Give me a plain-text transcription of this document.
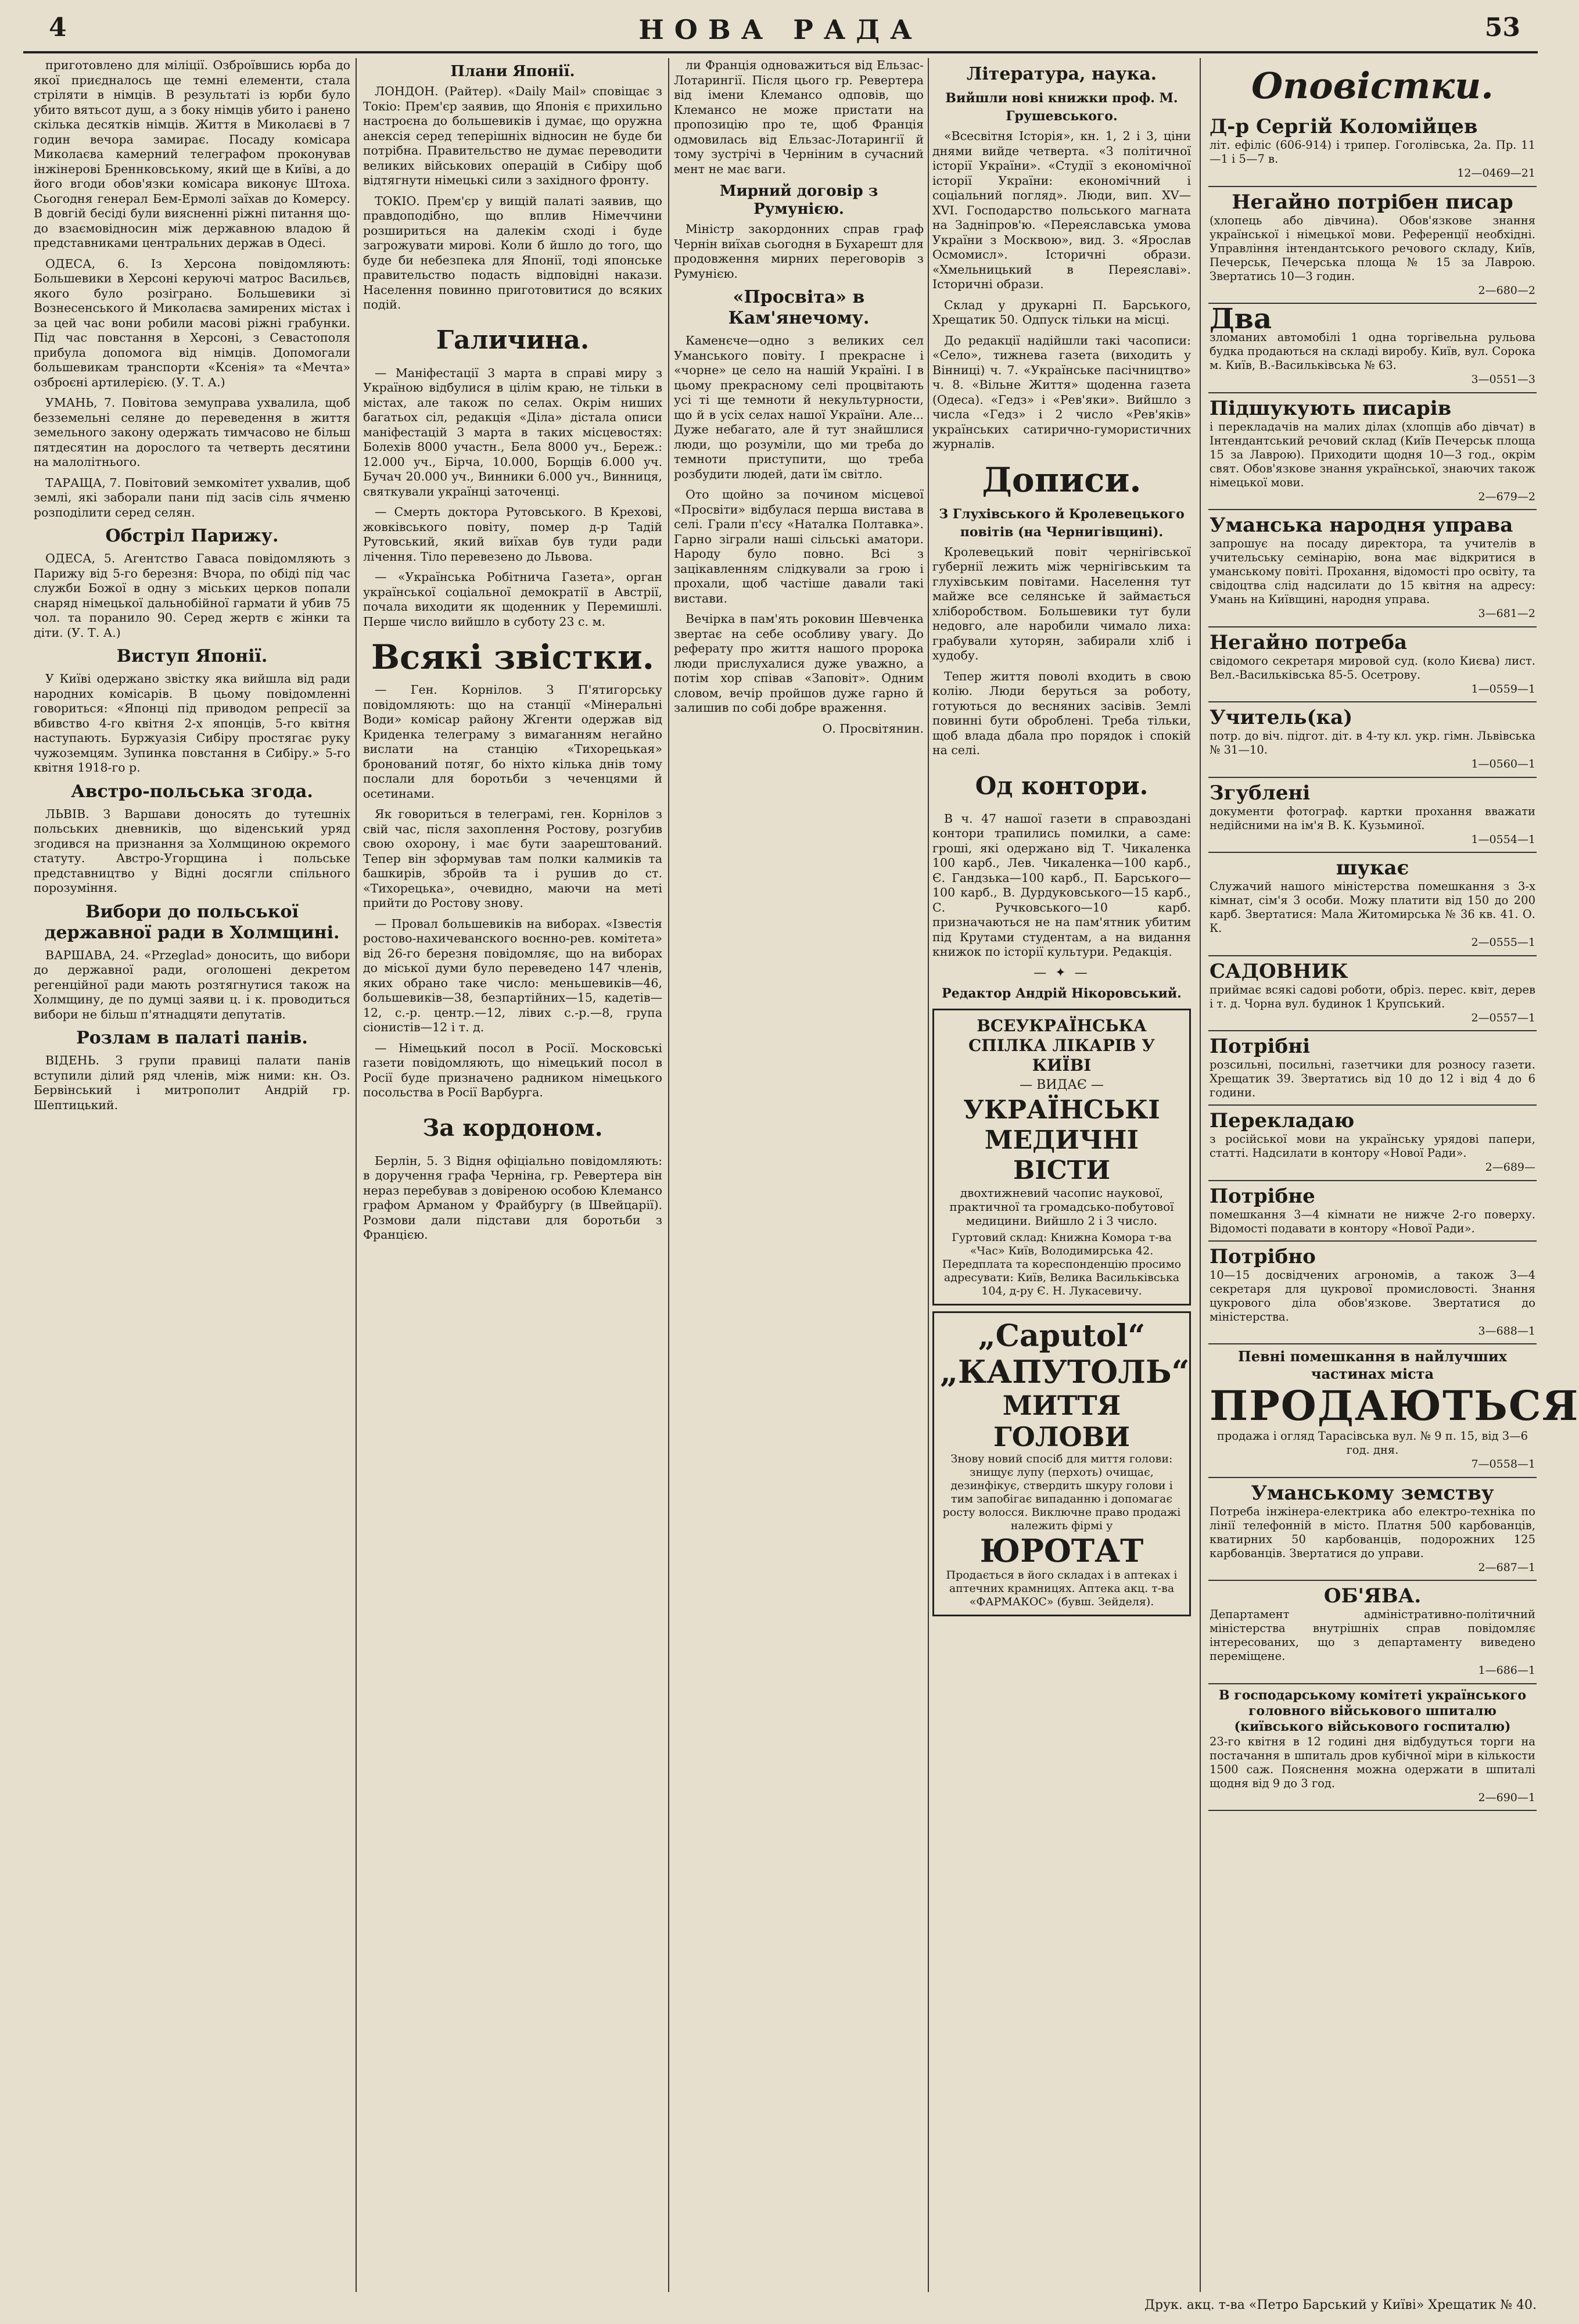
4	НОВА РАДА	53

приготовлено для міліції. Озброївшись юрба до якої приєдналось ще темні елементи, стала стріляти в німців. В результаті із юрби було убито вятьсот душ, а з боку німців убито і ранено скілька десятків німців. Життя в Миколаєві в 7 годин вечора замирає. Посаду комісара Миколаєва камерний телеграфом проконував інжінерові Бреннковському, який ще в Київі, а до його вгоди обов'язки комісара виконує Штоха. Сьогодня генерал Бем-Ермолі заїхав до Комерсу. В довгій бесіді були виясненні ріжні питання що-до взаємовідносин між державною владою й представниками центральних держав в Одесі.

ОДЕСА, 6. Із Херсона повідомляють: Большевики в Херсоні керуючі матрос Васильєв, якого було розіграно. Большевики зі Вознесенського й Миколаєва замирених містах і за цей час вони робили масові ріжні грабунки. Під час повстання в Херсоні, з Севастополя прибула допомога від німців. Допомогали большевикам транспорти «Ксенія» та «Мечта» озброєні артилерією. (У. Т. А.)

УМАНЬ, 7. Повітова земуправа ухвалила, щоб безземельні селяне до переведення в життя земельного закону одержать тимчасово не більш пятдесятин на дорослого та четверть десятини на малолітнього.

ТАРАЩА, 7. Повітовий земкомітет ухвалив, щоб землі, які заборали пани під засів сіль ячменю розподілити серед селян.

Обстріл Парижу.

ОДЕСА, 5. Агентство Гаваса повідомляють з Парижу від 5-го березня: Вчора, по обіді під час служби Божої в одну з міських церков попали снаряд німецької дальнобійної гармати й убив 75 чол. та поранило 90. Серед жертв є жінки та діти. (У. Т. А.)

Виступ Японії.

У Київі одержано звістку яка вийшла від ради народних комісарів. В цьому повідомленні говориться: «Японці під приводом репресії за вбивство 4-го квітня 2-х японців, 5-го квітня наступають. Буржуазія Сибіру простягає руку чужоземцям. Зупинка повстання в Сибіру.» 5-го квітня 1918-го р.

Австро-польська згода.

ЛЬВІВ. З Варшави доносять до тутешніх польських дневників, що віденський уряд згодився на признання за Холмщиною окремого статуту. Австро-Угорщина і польське представництво у Відні досягли спільного порозуміння.

Вибори до польської державної ради в Холмщині.

ВАРШАВА, 24. «Przeglad» доносить, що вибори до державної ради, оголошені декретом регенційної ради мають розтягнутися також на Холмщину, де по думці заяви ц. і к. проводиться вибори не більш п'ятнадцяти депутатів.

Розлам в палаті панів.

ВІДЕНЬ. З групи правиці палати панів вступили ділий ряд членів, між ними: кн. Оз. Бервінський і митрополит Андрій гр. Шептицький.

Плани Японії.

ЛОНДОН. (Райтер). «Daily Mail» сповіщає з Токіо: Прем'єр заявив, що Японія є прихильно настроєна до большевиків і думає, що оружна анексія серед теперішніх відносин не буде би потрібна. Правительство не думає переводити великих військових операцій в Сибіру щоб відтягнути німецькі сили з західного фронту.

ТОКІО. Прем'єр у вищій палаті заявив, що правдоподібно, що вплив Німеччини розшириться на далекім сході і буде загрожувати мирові. Коли б йшло до того, що буде би небезпека для Японії, тоді японське правительство подасть відповідні накази. Населення повинно приготовитися до всяких подій.

Галичина.

— Маніфестації 3 марта в справі миру з Україною відбулися в цілім краю, не тільки в містах, але також по селах. Окрім ниших багатьох сіл, редакція «Діла» дістала описи маніфестацій 3 марта в таких місцевостях: Болехів 8000 участн., Бела 8000 уч., Береж.: 12.000 уч., Бірча, 10.000, Борщів 6.000 уч. Бучач 20.000 уч., Винники 6.000 уч., Винниця, святкували українці заточенці.

— Смерть доктора Рутовського. В Крехові, жовківського повіту, помер д-р Тадій Рутовський, який виїхав був туди ради лічення. Тіло перевезено до Львова.

— «Українська Робітнича Газета», орган української соціальної демократії в Австрії, почала виходити як щоденник у Перемишлі. Перше число вийшло в суботу 23 с. м.

Всякі звістки.

— Ген. Корнілов. З П'ятигорську повідомляють: що на станції «Мінеральні Води» комісар району Жгенти одержав від Криденка телеграму з вимаганням негайно вислати на станцію «Тихорецькая» бронований потяг, бо ніхто кілька днів тому послали для боротьби з чеченцями й осетинами.

Як говориться в телеграмі, ген. Корнілов з свій час, після захоплення Ростову, розгубив свою охорону, і має бути заарештований. Тепер він зформував там полки калмиків та башкирів, збройв та і рушив до ст. «Тихорецька», очевидно, маючи на меті прийти до Ростову знову.

— Провал большевиків на виборах. «Ізвестія ростово-нахичеванского воєнно-рев. комітета» від 26-го березня повідомляє, що на виборах до міської думи було переведено 147 членів, яких обрано таке число: меньшевиків—46, большевиків—38, безпартійних—15, кадетів—12, с.-р. центр.—12, лівих с.-р.—8, група сіонистів—12 і т. д.

— Німецький посол в Росії. Московські газети повідомляють, що німецький посол в Росії буде призначено радником німецького посольства в Росії Варбурга.

За кордоном.

Берлін, 5. З Відня офіціально повідомляють: в доручення графа Черніна, гр. Ревертера він нераз перебував з довіреною особою Клемансо графом Арманом у Фрайбургу (в Швейцарії). Розмови дали підстави для боротьби з Францією.

ли Франція одноважиться від Ельзас-Лотарингії. Після цього гр. Ревертера від імени Клемансо одповів, що Клемансо не може пристати на пропозицію про те, щоб Франція одмовилась від Ельзас-Лотарингії й тому зустрічі в Черніним в сучасний мент не має ваги.

Мирний договір з Румунією.

Міністр закордонних справ граф Чернін виїхав сьогодня в Бухарешт для продовження мирних переговорів з Румунією.

«Просвіта» в Кам'янечому.

Каменєче—одно з великих сел Уманського повіту. І прекрасне і «чорне» це село на нашій Україні. І в цьому прекрасному селі процвітають усі ті ще темноти й некультурности, що й в усіх селах нашої України. Але... Дуже небагато, але й тут знайшлися люди, що розуміли, що ми треба до темноти приступити, що треба розбудити людей, дати їм світло.

Ото щойно за почином місцевої «Просвіти» відбулася перша вистава в селі. Грали п'єсу «Наталка Полтавка». Гарно зіграли наші сільські аматори. Народу було повно. Всі з зацікавленням слідкували за грою і прохали, щоб частіше давали такі вистави.

Вечірка в пам'ять роковин Шевченка звертає на себе особливу увагу. До реферату про життя нашого пророка люди прислухалися дуже уважно, а потім хор співав «Заповіт». Одним словом, вечір пройшов дуже гарно й залишив по собі добре враження.

О. Просвітянин.

Література, наука.
Вийшли нові книжки проф. М. Грушевського.

«Всесвітня Історія», кн. 1, 2 і 3, ціни днями вийде четверта. «З політичної історії України». «Студії з економічної історії України: економічний і соціальний погляд». Люди, вип. XV—XVI. Господарство польського магната на Задніпров'ю. «Переяславська умова України з Москвою», вид. 3. «Ярослав Осмомисл». Історичні образи. «Хмельницький в Переяславі». Історичні образи.

Склад у друкарні П. Барського, Хрещатик 50. Одпуск тільки на місці.

До редакції надійшли такі часописи: «Село», тижнева газета (виходить у Вінниці) ч. 7. «Українське пасічництво» ч. 8. «Вільне Життя» щоденна газета (Одеса). «Гедз» і «Рев'яки». Вийшло з числа «Гедз» і 2 число «Рев'яків» українських сатирично-гумористичних журналів.

Дописи.
З Глухівського й Кролевецького повітів (на Чернигівщині).

Кролевецький повіт чернігівської губернії лежить між чернігівським та глухівським повітами. Населення тут майже все селянське й займається хліборобством. Большевики тут були недовго, але наробили чимало лиха: грабували хуторян, забирали хліб і худобу.

Тепер життя поволі входить в свою колію. Люди беруться за роботу, готуються до весняних засівів. Землі повинні бути оброблені. Треба тільки, щоб влада дбала про порядок і спокій на селі.

Од контори.

В ч. 47 нашої газети в справоздані контори трапились помилки, а саме: гроші, які одержано від Т. Чикаленка 100 карб., Лев. Чикаленка—100 карб., Є. Гандзька—100 карб., П. Барського—100 карб., В. Дурдуковського—15 карб., С. Ручковського—10 карб. призначаються не на пам'ятник убитим під Крутами студентам, а на видання книжок по історії культури. Редакція.

— ✦ —
Редактор Андрій Нікоровський.
ВСЕУКРАЇНСЬКА СПІЛКА ЛІКАРІВ У КИЇВІ
— ВИДАЄ —
УКРАЇНСЬКІ МЕДИЧНІ ВІСТИ
двохтижневий часопис наукової, практичної та громадсько-побутової медицини. Вийшло 2 і 3 число.
Гуртовий склад: Книжна Комора т-ва «Час» Київ, Володимирська 42. Передплата та кореспонденцію просимо адресувати: Київ, Велика Васильківська 104, д-ру Є. Н. Лукасевичу.
„Caputol“
„КАПУТОЛЬ“
МИТТЯ ГОЛОВИ
Знову новий спосіб для миття голови: знищує лупу (перхоть) очищає, дезинфікує, ствердить шкуру голови і тим запобігає випаданню і допомагає росту волосся. Виключне право продажі належить фірмі у
ЮРОТАТ
Продається в його складах і в аптеках і аптечних крамницях. Аптека акц. т-ва «ФАРМАКОС» (бувш. Зейделя).
Оповістки.
Д-р Сергій Коломійцев
літ. ефіліс (606-914) і трипер. Гоголівська, 2а. Пр. 11—1 і 5—7 в.
12—0469—21
Негайно потрібен писар
(хлопець або дівчина). Обов'язкове знання української і німецької мови. Референції необхідні. Управління інтендантського речового складу, Київ, Печерськ, Печерська площа № 15 за Лаврою. Звертатись 10—3 годин.
2—680—2
Два
зломаних автомобілі 1 одна торгівельна рульова будка продаються на складі виробу. Київ, вул. Сорока м. Київ, В.-Васильківська № 63.
3—0551—3
Підшукують писарів
і перекладачів на малих ділах (хлопців або дівчат) в Інтендантський речовий склад (Київ Печерськ площа 15 за Лаврою). Приходити щодня 10—3 год., окрім свят. Обов'язкове знання української, знаючих також німецької мови.
2—679—2
Уманська народня управа
запрошує на посаду директора, та учителів в учительську семінарію, вона має відкритися в уманському повіті. Прохання, відомості про освіту, та свідоцтва слід надсилати до 15 квітня на адресу: Умань на Київщині, народня управа.
3—681—2
Негайно потребa
свідомого секретаря мировой суд. (коло Києва) лист. Вел.-Васильківська 85-5. Осетрову.
1—0559—1
Учитель(ка)
потр. до віч. підгот. діт. в 4-ту кл. укр. гімн. Львівська № 31—10.
1—0560—1
Згублені
документи фотограф. картки прохання вважати недійсними на ім'я В. К. Кузьминої.
1—0554—1
шукає
Служачий нашого міністерства помешкання з 3-х кімнат, сім'я 3 особи. Можу платити від 150 до 200 карб. Звертатися: Мала Житомирська № 36 кв. 41. О. К.
2—0555—1
САДОВНИК
приймає всякі садові роботи, обріз. перес. квіт, дерев і т. д. Чорна вул. будинок 1 Крупський.
2—0557—1
Потрібні
розсильні, посильні, газетчики для розносу газети. Хрещатик 39. Звертатись від 10 до 12 і від 4 до 6 години.
Перекладаю
з російської мови на українську урядові папери, статті. Надсилати в контору «Нової Ради».
2—689—
Потрібне
помешкання 3—4 кімнати не нижче 2-го поверху. Відомості подавати в контору «Нової Ради».
Потрібно
10—15 досвідчених агрономів, а також 3—4 секретаря для цукрової промисловості. Знання цукрового діла обов'язкове. Звертатися до міністерства.
3—688—1
Певні помешкання в найлучших частинах міста
ПРОДАЮТЬСЯ
продажа і огляд Тарасівська вул. № 9 п. 15, від 3—6 год. дня.
7—0558—1
Уманському земству
Потреба інжінера-електрика або електро-техніка по лінії телефонній в місто. Платня 500 карбованців, кватирних 50 карбованців, подорожних 125 карбованців. Звертатися до управи.
2—687—1
ОБ'ЯВА.
Департамент адміністративно-політичний міністерства внутрішніх справ повідомляє інтересованих, що з департаменту виведено переміщене.
1—686—1
В господарському комітеті українського головного військового шпиталю (київського військового госпиталю)
23-го квітня в 12 годині дня відбудуться торги на постачання в шпиталь дров кубічної міри в кількости 1500 саж. Пояснення можна одержати в шпиталі щодня від 9 до 3 год.
2—690—1
Друк. акц. т-ва «Петро Барський у Київі» Хрещатик № 40.
